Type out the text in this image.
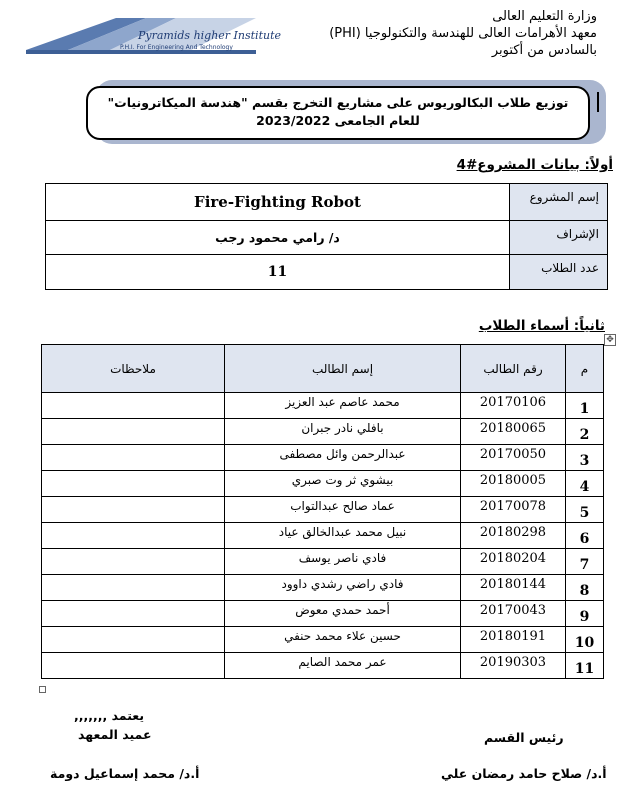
Pyramids higher Institute
P.H.I. For Engineering And Technology
وزارة التعليم العالى
معهد الأهرامات العالى للهندسة والتكنولوجيا (PHI)
بالسادس من أكتوبر
توزيع طلاب البكالوريوس على مشاريع التخرج بقسم "هندسة الميكاترونيات"
للعام الجامعى 2023/2022
أولاً: بيانات المشروع#4
Fire-Fighting Robot	إسم المشروع
د/ رامي محمود رجب	الإشراف
11	عدد الطلاب
ثانياً: أسماء الطلاب
✥
ملاحظات	إسم الطالب	رقم الطالب	م
	محمد عاصم عبد العزيز	20170106	1
	بافلي نادر جبران	20180065	2
	عبدالرحمن وائل مصطفى	20170050	3
	بيشوي ثر وت صبري	20180005	4
	عماد صالح عبدالتواب	20170078	5
	نبيل محمد عبدالخالق عياد	20180298	6
	فادي ناصر يوسف	20180204	7
	فادي راضي رشدي داوود	20180144	8
	أحمد حمدي معوض	20170043	9
	حسين علاء محمد حنفي	20180191	10
	عمر محمد الصايم	20190303	11
يعتمد ,,,,,,,
عميد المعهد
أ.د/ محمد إسماعيل دومة
رئيس القسم
أ.د/ صلاح حامد رمضان علي
